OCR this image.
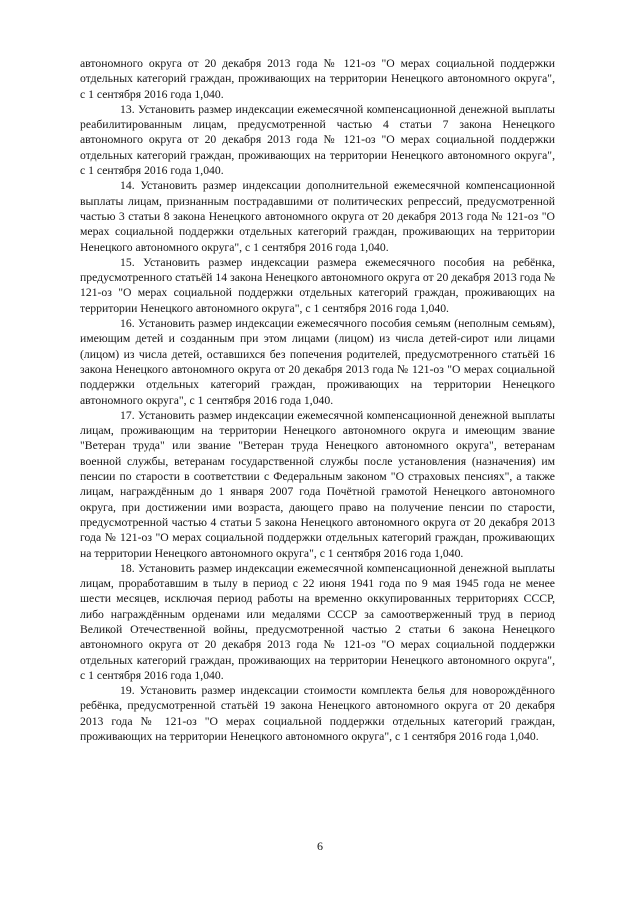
автономного округа от 20 декабря 2013 года № 121-оз "О мерах социальной поддержки отдельных категорий граждан, проживающих на территории Ненецкого автономного округа", с 1 сентября 2016 года 1,040.

13. Установить размер индексации ежемесячной компенсационной денежной выплаты реабилитированным лицам, предусмотренной частью 4 статьи 7 закона Ненецкого автономного округа от 20 декабря 2013 года № 121-оз "О мерах социальной поддержки отдельных категорий граждан, проживающих на территории Ненецкого автономного округа", с 1 сентября 2016 года 1,040.

14. Установить размер индексации дополнительной ежемесячной компенсационной выплаты лицам, признанным пострадавшими от политических репрессий, предусмотренной частью 3 статьи 8 закона Ненецкого автономного округа от 20 декабря 2013 года № 121-оз "О мерах социальной поддержки отдельных категорий граждан, проживающих на территории Ненецкого автономного округа", с 1 сентября 2016 года 1,040.

15. Установить размер индексации размера ежемесячного пособия на ребёнка, предусмотренного статьёй 14 закона Ненецкого автономного округа от 20 декабря 2013 года № 121-оз "О мерах социальной поддержки отдельных категорий граждан, проживающих на территории Ненецкого автономного округа", с 1 сентября 2016 года 1,040.

16. Установить размер индексации ежемесячного пособия семьям (неполным семьям), имеющим детей и созданным при этом лицами (лицом) из числа детей-сирот или лицами (лицом) из числа детей, оставшихся без попечения родителей, предусмотренного статьёй 16 закона Ненецкого автономного округа от 20 декабря 2013 года № 121-оз "О мерах социальной поддержки отдельных категорий граждан, проживающих на территории Ненецкого автономного округа", с 1 сентября 2016 года 1,040.

17. Установить размер индексации ежемесячной компенсационной денежной выплаты лицам, проживающим на территории Ненецкого автономного округа и имеющим звание "Ветеран труда" или звание "Ветеран труда Ненецкого автономного округа", ветеранам военной службы, ветеранам государственной службы после установления (назначения) им пенсии по старости в соответствии с Федеральным законом "О страховых пенсиях", а также лицам, награждённым до 1 января 2007 года Почётной грамотой Ненецкого автономного округа, при достижении ими возраста, дающего право на получение пенсии по старости, предусмотренной частью 4 статьи 5 закона Ненецкого автономного округа от 20 декабря 2013 года № 121-оз "О мерах социальной поддержки отдельных категорий граждан, проживающих на территории Ненецкого автономного округа", с 1 сентября 2016 года 1,040.

18. Установить размер индексации ежемесячной компенсационной денежной выплаты лицам, проработавшим в тылу в период с 22 июня 1941 года по 9 мая 1945 года не менее шести месяцев, исключая период работы на временно оккупированных территориях СССР, либо награждённым орденами или медалями СССР за самоотверженный труд в период Великой Отечественной войны, предусмотренной частью 2 статьи 6 закона Ненецкого автономного округа от 20 декабря 2013 года № 121-оз "О мерах социальной поддержки отдельных категорий граждан, проживающих на территории Ненецкого автономного округа", с 1 сентября 2016 года 1,040.

19. Установить размер индексации стоимости комплекта белья для новорождённого ребёнка, предусмотренной статьёй 19 закона Ненецкого автономного округа от 20 декабря 2013 года № 121-оз "О мерах социальной поддержки отдельных категорий граждан, проживающих на территории Ненецкого автономного округа", с 1 сентября 2016 года 1,040.

6
